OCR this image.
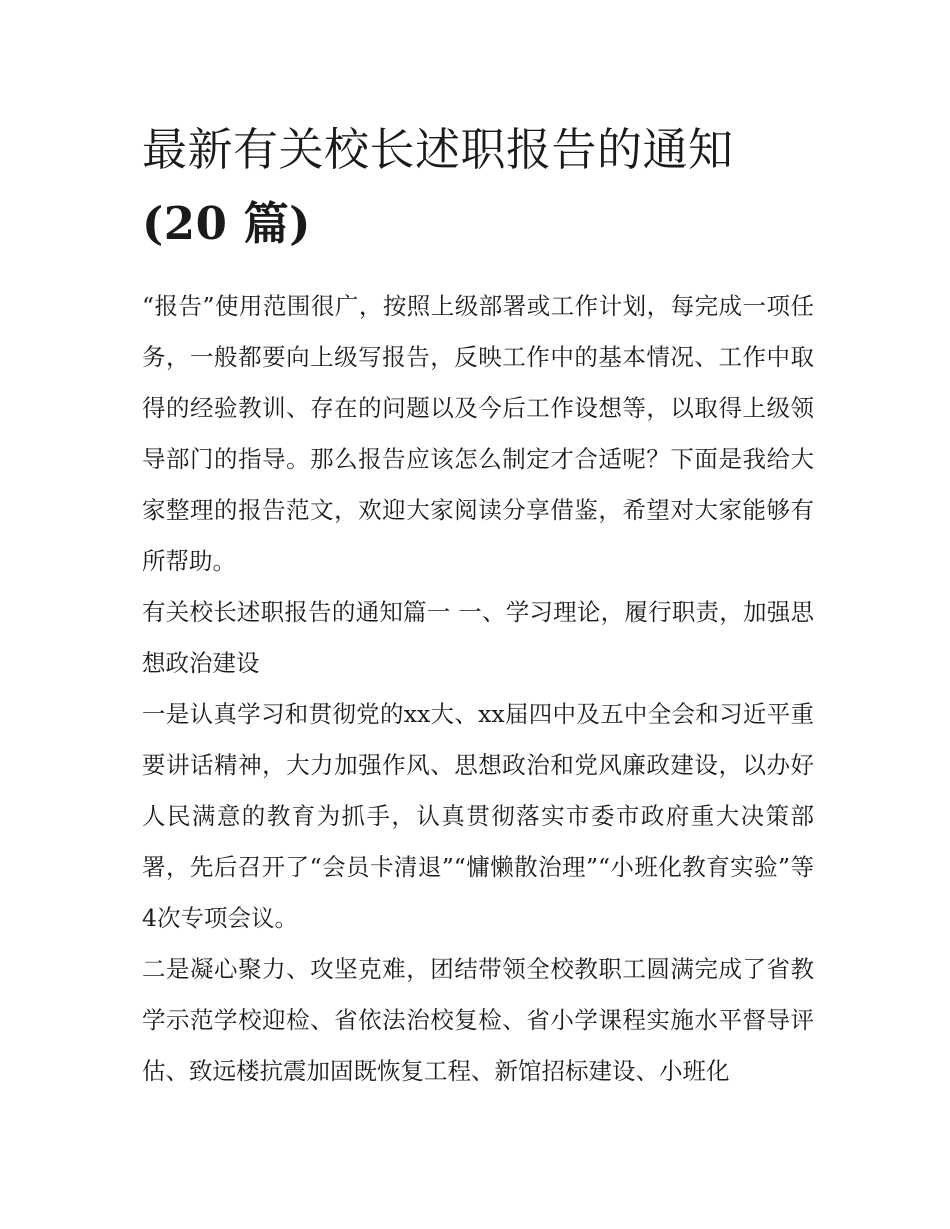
最新有关校长述职报告的通知
(20 篇)

“报告”使用范围很广，按照上级部署或工作计划，每完成一项任务，一般都要向上级写报告，反映工作中的基本情况、工作中取得的经验教训、存在的问题以及今后工作设想等，以取得上级领导部门的指导。那么报告应该怎么制定才合适呢？下面是我给大家整理的报告范文，欢迎大家阅读分享借鉴，希望对大家能够有所帮助。

有关校长述职报告的通知篇一 一、学习理论，履行职责，加强思想政治建设

一是认真学习和贯彻党的xx大、xx届四中及五中全会和习近平重要讲话精神，大力加强作风、思想政治和党风廉政建设，以办好人民满意的教育为抓手，认真贯彻落实市委市政府重大决策部署，先后召开了“会员卡清退”“慵懒散治理”“小班化教育实验”等4次专项会议。

二是凝心聚力、攻坚克难，团结带领全校教职工圆满完成了省教学示范学校迎检、省依法治校复检、省小学课程实施水平督导评估、致远楼抗震加固既恢复工程、新馆招标建设、小班化
